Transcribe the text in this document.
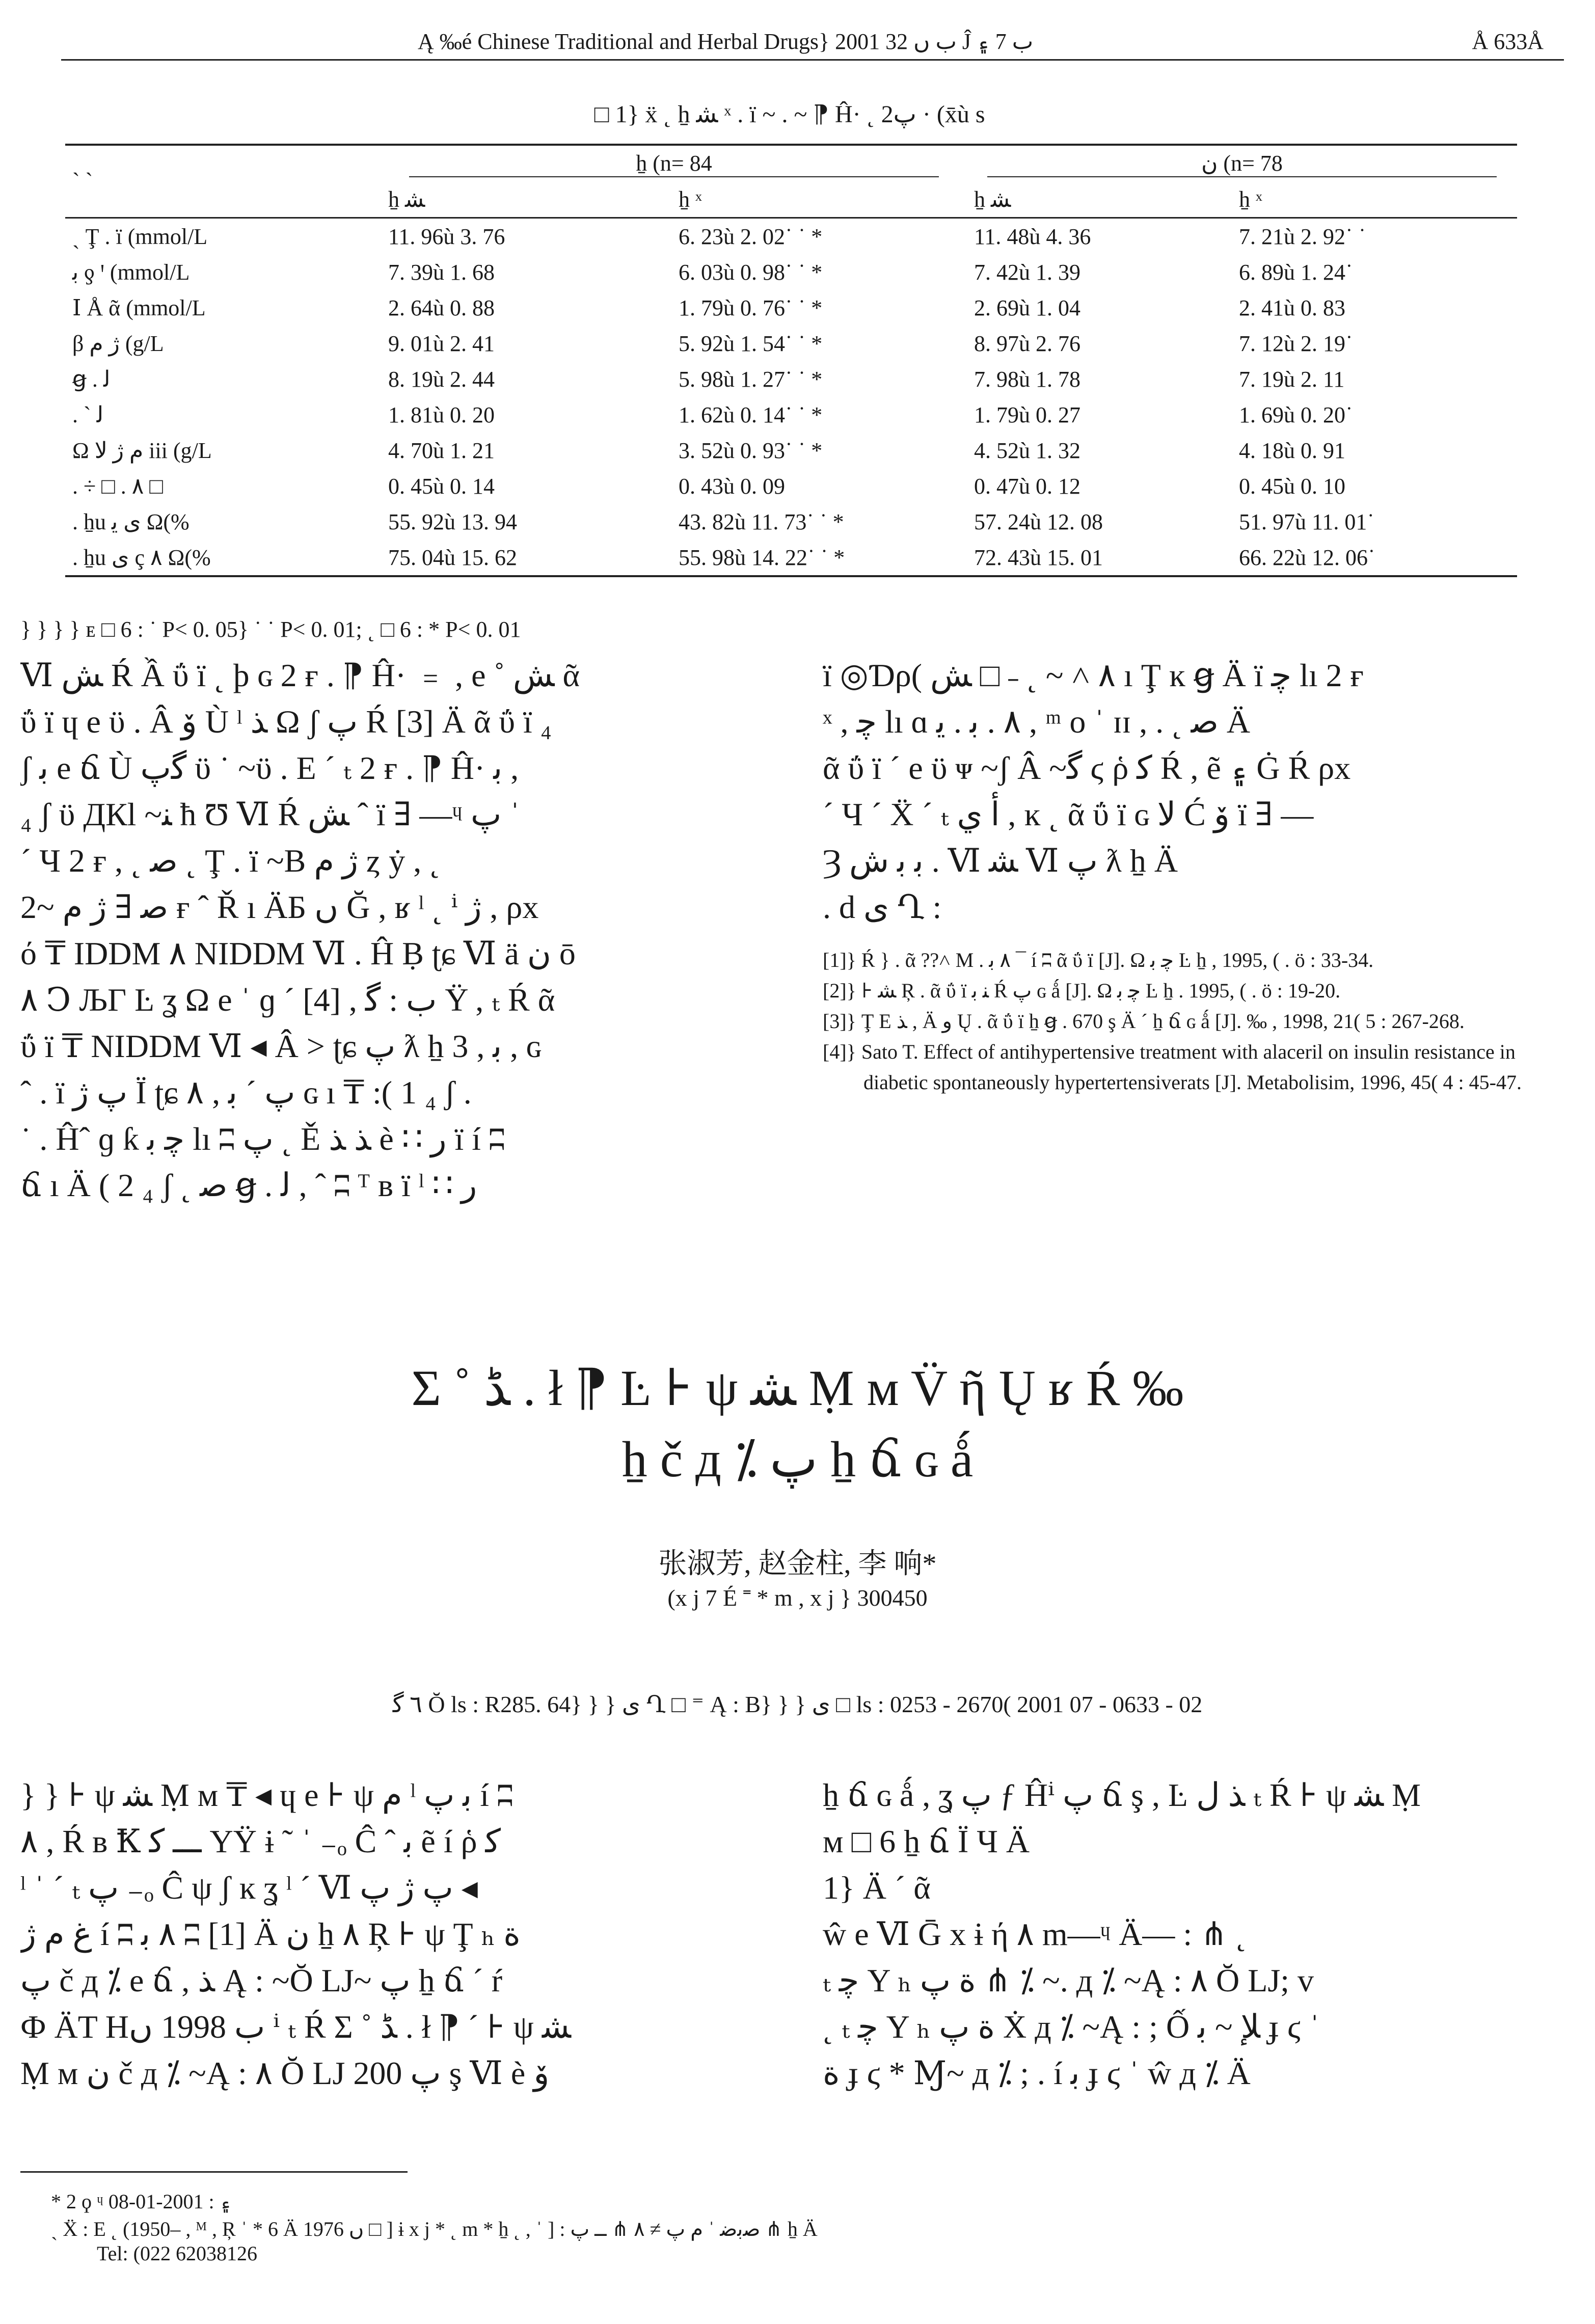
Ą ‰é Chinese Traditional and Herbal Drugs} 2001 ب ں 32 Ĵ ب 7 ۽	Å 633Å
□ 1} ẍ ˛ ẖ ﺸ ˣ . ï ~ . ~ ⁋ Ĥ· ˛ پ2 · (x̄ù s
ˏ ˏ	ẖ (n= 84		ن (n= 78	
	ẖ ﺸ	ẖ ˣ	ẖ ﺸ	ẖ ˣ
ˏ Ţ . ï (mmol/L	11. 96ù 3. 76	6. 23ù 2. 02˙ ˙ *	11. 48ù 4. 36	7. 21ù 2. 92˙ ˙
ﺑ ƍ ꞌ (mmol/L	7. 39ù 1. 68	6. 03ù 0. 98˙ ˙ *	7. 42ù 1. 39	6. 89ù 1. 24˙
Ⅰ Å ᾶ (mmol/L	2. 64ù 0. 88	1. 79ù 0. 76˙ ˙ *	2. 69ù 1. 04	2. 41ù 0. 83
β ﮊ م (g/L	9. 01ù 2. 41	5. 92ù 1. 54˙ ˙ *	8. 97ù 2. 76	7. 12ù 2. 19˙
ꞡ . ﻟ	8. 19ù 2. 44	5. 98ù 1. 27˙ ˙ *	7. 98ù 1. 78	7. 19ù 2. 11
. ` ﻟ	1. 81ù 0. 20	1. 62ù 0. 14˙ ˙ *	1. 79ù 0. 27	1. 69ù 0. 20˙
Ω م ﮊ ﻻ iii (g/L	4. 70ù 1. 21	3. 52ù 0. 93˙ ˙ *	4. 52ù 1. 32	4. 18ù 0. 91
. ÷ □ . ٨ □	0. 45ù 0. 14	0. 43ù 0. 09	0. 47ù 0. 12	0. 45ù 0. 10
. ẖu ی ﯾ Ω(%	55. 92ù 13. 94	43. 82ù 11. 73˙ ˙ *	57. 24ù 12. 08	51. 97ù 11. 01˙
. ẖu ی ç ٨ Ω(%	75. 04ù 15. 62	55. 98ù 14. 22˙ ˙ *	72. 43ù 15. 01	66. 22ù 12. 06˙
} } } } ᴇ □ 6 : ˙ P< 0. 05} ˙ ˙ P< 0. 01; ˛ □ 6 : * P< 0. 01
Ⅵ ﺶ Ŕ Ầ ΰ ï ˛ þ ɢ 2 ғ . ⁋ Ĥ· ﹦ , e ˚ ﺶ ᾶ
ΰ ï ɥ e ϋ . Â ﯙ Ù ˡ ﺬ Ω ʃ پ Ŕ [3] Ä ᾶ ΰ ï ₄
ʃ ﺑ e ճ Ù ﮔﭖ ϋ ˙ ~ϋ . E ˊ ₜ 2 ғ . ⁋ Ĥ· ﺑ ,
₄ ʃ ϋ ДКl ~ﻨ ħ Ʊ Ⅵ Ŕ ﺶ ˆ ï ∃ —ᶣ پ ˈ
ˊ Ч 2 ғ , ˛ ﺻ ˛ Ţ . ï ~B ﮊ م ȥ ẏ , ˛
ﺻ ∃ ﮊ م ~2 ғ ˆ Ř ı ÄБ ں Ğ , ʁ ˡ ˛ ⁱ ﮊ , ρx
ό ₸ IDDM ٨ NIDDM Ⅵ . Ĥ Ḅ ʈɕ Ⅵ ä ن ō
٨ Ↄ ЉΓ Ŀ ʓ Ω e ˈ ɡ ˊ [4] , ﺏ : ﮔ Ϋ , ₜ Ŕ ᾶ
ΰ ï ₸ NIDDM Ⅵ ◂ Â > ʈɕ پ ƛ ẖ 3 , ﺑ , ɢ
ˆ . ï پ ﮊ Ï ʈɕ پ ˊ ﺑ , ٨ ɢ ı ₸ :( 1 ₄ ʃ .
˙ . Ĥˆ ɡ ƙ ﭼ ﺑ lı ʭ پ ˛ Ě ﺬ ﺬ ѐ ∷ ﺭ ï í ʭ
ճ ı Ä ( 2 ₄ ʃ ˛ ﺻ ꞡ . ﻟ , ˆ ʭ ᵀ ʙ ï ˡ ∷ ﺭ
ï ◎Ɗρ( ٨ ˄ ~ ˛ ˗ □ ﺶ ı Ţ ĸ ꞡ Ä ï ﭼ lı 2 ғ
ˣ , ﭼ lı ɑ ٨ . ﺑ . ﯾ , ᵐ ᴏ ˈ ɪɪ , . ˛ ﺻ Ä
ᾶ ΰ ï ˊ e ϋ ᴪ ~ʃ Â ~ﮔ ϛ ῥ ﮐ Ŕ , ẽ ۽ Ġ Ŕ ρx
ˊ Ч ˊ Ẍ ˊ ₜ ﺃ ﻱ , ĸ ˛ ᾶ ΰ ï ɢ ﻻ Ć ﯙ ï ∃ —
Ȝ ﺑ ﺑ ﺵ . Ⅵ ﺸ Ⅵ پ ƛ ẖ Ä
. d ی Ղ :

[1]} Ŕ } . ᾶ ??˄ M . ٨ ﺑ ¯ í ʭ ᾶ ΰ ï [J]. Ω ﭼ ﺑ Ŀ ẖ , 1995, ( . ö : 33-34.

[2]} ⊦ ﺸ Ŗ . ᾶ ΰ ï ﻨ ﺑ Ŕ پ ɢ ǻ [J]. Ω ﭼ ﺑ Ŀ ẖ . 1995, ( . ö : 19-20.

[3]} Ţ E ﺬ , Ä ﻭ Ų . ᾶ ΰ ï ẖ ꞡ . 670 ş Ä ˊ ẖ ճ ɢ ǻ [J]. ‰ , 1998, 21( 5 : 267-268.

[4]} Sato T. Effect of antihypertensive treatment with alaceril on insulin resistance in diabetic spontaneously hypertertensiverats [J]. Metabolisim, 1996, 45( 4 : 45-47.

Σ ˚ ﮉ . ł ⁋ Ŀ ⊦ ψ ﺸ Ṃ ᴍ V̈ ῆ Ų ʁ Ŕ ‰
ẖ č д ⁒ پ ẖ ճ ɢ ǻ
张淑芳, 赵金柱, 李 响*
(x j 7 É ˭ * m , x j } 300450
٦ ﮔ Ŏ ls : R285. 64} } } ی Ղ □ ⁼ Ą : B} } } ی □ ls : 0253 - 2670( 2001 07 - 0633 - 02
} } ⊦ ψ ﺸ Ṃ ᴍ ₸ ◂ ɥ e ⊦ ψ م ˡ ﺑ پ í ʭ
٨ , Ŕ ʙ Ꝁ ـــ ﮐ YŸ ɨ ˜ ˈ ₋ₒ Ĉ ˆ ﺑ ẽ í ῥ ﮐ
ˡ ˈ ˊ ₜ پ ₋ₒ Ĉ ψ ʃ ĸ ʓ ˡ ˊ Ⅵ پ ﮊ پ ◂
ﻍ م ﮊ í ʭ ٨ ﺑ ʭ [1] Ä ن ẖ ٨ Ŗ ⊦ ψ Ţ ₕ ﺓ
پ č д ⁒ e ճ , ﺬ Ą : ~Ŏ LJ~ پ ẖ ճ ˊ ŕ
Ф ÄT Hﺏ 1998 ں ⁱ ₜ Ŕ Σ ˚ ﮉ . ł ⁋ ˊ ⊦ ψ ﺸ
Ṃ ᴍ ن č д ⁒ ~Ą : ٨ Ŏ LJ پ 200 ş Ⅵ ѐ ﯙ
ẖ ճ ɢ ǻ , ʓ پ ƒ Ĥⁱ پ ճ ş , Ŀ ﺬ ﻝ ₜ Ŕ ⊦ ψ ﺸ Ṃ
ᴍ □ 6 ẖ ճ Ï Ч Ä
1} Ä ˊ ᾶ
ŵ e Ⅵ Ḡ x ɨ ή ٨ m—ᶣ Ä— : ⋔ ˛
ₜ ﭼ Y ₕ ﺓ پ ⋔ ⁒ ~. д ⁒ ~Ą : ٨ Ŏ LJ; v
˛ ₜ ﭼ Y ₕ ﺓ پ Ẋ д ⁒ ~Ą : ; Ố ﻺ ~ ﺑ ɟ ϛ ˈ
ﺓ ɟ ϛ * Ɱ~ д ⁒ ; . í ﺑ ɟ ϛ ˈ ŵ д ⁒ Ä
* 2 ϙ ᶣ ۽ : 2001-01-08
ˏ Ẍ : E ˛ (1950– , ᴹ , Ŗ ˈ * 6 Ä 1976 ں □ ] ɨ x j * ˛ m * ẖ ˛ , ˈ ] : ﺻﺑﺿ ˈ م پ ≠ ٨ ⋔ ــ پ ⋔ ẖ Ä
Tel: (022 62038126
